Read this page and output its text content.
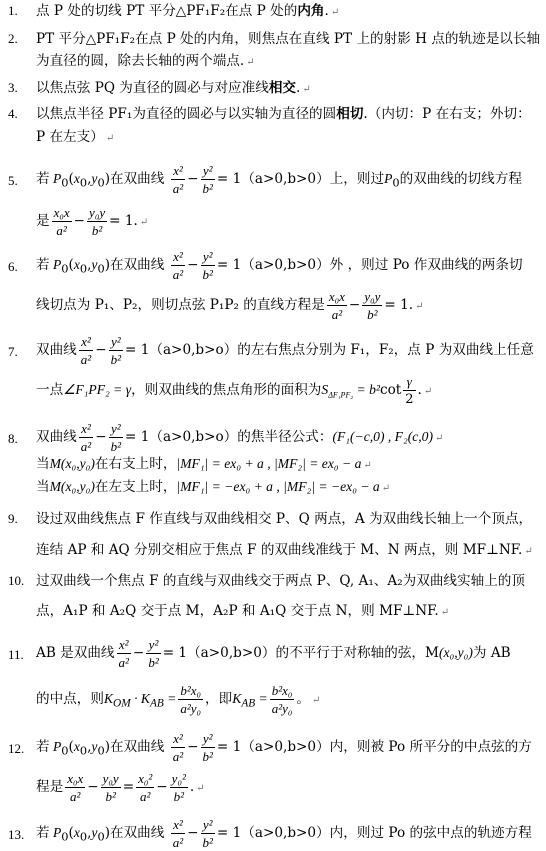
1.	点 P 处的切线 PT 平分△PF₁F₂在点 P 处的内角. ↵
2.	PT 平分△PF₁F₂在点 P 处的内角，则焦点在直线 PT 上的射影 H 点的轨迹是以长轴
为直径的圆，除去长轴的两个端点. ↵
3.	以焦点弦 PQ 为直径的圆必与对应准线相交. ↵
4.	以焦点半径 PF₁为直径的圆必与以实轴为直径的圆相切.（内切：P 在右支；外切：
P 在左支） ↵
5.	若 $P_0(x_0,y_0)$在双曲线 $\frac{\text{x²}}{\text{a²}} - \frac{\text{y²}}{\text{b²}} = 1(a>0,b>0)$上，则过$P_0$的双曲线的切线方程
是 $\frac{\text{x₀x}}{\text{a²}} - \frac{\text{y₀y}}{\text{b²}} = 1$. ↵
6.	若 $P_0(x_0,y_0)$在双曲线 $\frac{\text{x²}}{\text{a²}} - \frac{\text{y²}}{\text{b²}} = 1(a>0,b>0)$外 ，则过 Po 作双曲线的两条切
线切点为 P₁、P₂，则切点弦 P₁P₂ 的直线方程是 $\frac{\text{x₀x}}{\text{a²}} - \frac{\text{y₀y}}{\text{b²}} = 1$. ↵
7.	双曲线 $\frac{\text{x²}}{\text{a²}} - \frac{\text{y²}}{\text{b²}} = 1(a>0,b>o)$的左右焦点分别为 F₁，F₂，点 P 为双曲线上任意
一点∠F₁PF₂ = γ，则双曲线的焦点角形的面积为$S_{\Delta F_1PF_2} = b^2\cot \frac{\gamma}{2}$ . ↵
8.	双曲线 $\frac{\text{x²}}{\text{a²}} - \frac{\text{y²}}{\text{b²}} = 1(a>0,b>o)$的焦半径公式：(F₁(−c,0) , F₂(c,0) ↵
当M(x₀,y₀)在右支上时，|MF₁| = ex₀ + a , |MF₂| = ex₀ − a ↵
当M(x₀,y₀)在左支上时，|MF₁| = −ex₀ + a , |MF₂| = −ex₀ − a ↵
9.	设过双曲线焦点 F 作直线与双曲线相交 P、Q 两点，A 为双曲线长轴上一个顶点，
连结 AP 和 AQ 分别交相应于焦点 F 的双曲线准线于 M、N 两点，则 MF⊥NF. ↵
10. 过双曲线一个焦点 F 的直线与双曲线交于两点 P、Q, A₁、A₂为双曲线实轴上的顶
点，A₁P 和 A₂Q 交于点 M，A₂P 和 A₁Q 交于点 N，则 MF⊥NF. ↵
11. AB 是双曲线 $\frac{\text{x²}}{\text{a²}} - \frac{\text{y²}}{\text{b²}} = 1(a>0,b>0)$的不平行于对称轴的弦，M(x₀,y₀)为 AB
的中点，则$K_{OM} \cdot K_{AB} = \frac{\text{b²x₀}}{\text{a²y₀}}$ ，即$K_{AB} = \frac{\text{b²x₀}}{\text{a²y₀}}$ 。 ↵
12. 若 $P_0(x_0,y_0)$在双曲线 $\frac{\text{x²}}{\text{a²}} - \frac{\text{y²}}{\text{b²}} = 1(a>0,b>0)$内，则被 Po 所平分的中点弦的方
程是 $\frac{\text{x₀x}}{\text{a²}} - \frac{\text{y₀y}}{\text{b²}} = \frac{\text{x₀²}}{\text{a²}} - \frac{\text{y₀²}}{\text{b²}}$ . ↵
13. 若 $P_0(x_0,y_0)$在双曲线 $\frac{\text{x²}}{\text{a²}} - \frac{\text{y²}}{\text{b²}} = 1(a>0,b>0)$内，则过 Po 的弦中点的轨迹方程
